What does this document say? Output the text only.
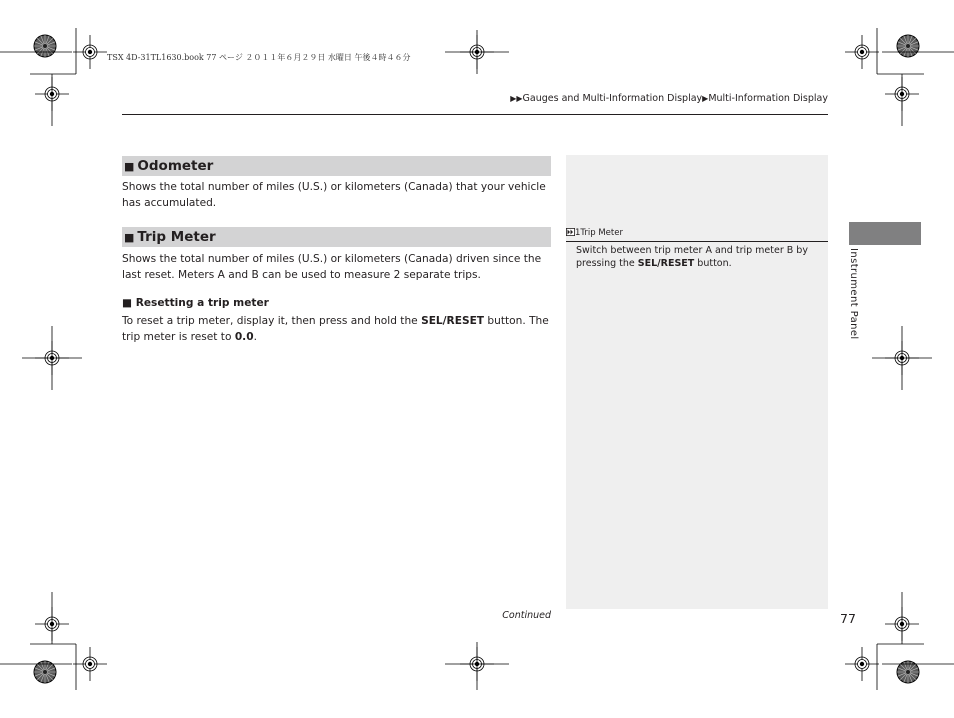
TSX 4D-31TL1630.book 77 ページ ２０１１年６月２９日 水曜日 午後４時４６分
▶▶Gauges and Multi-Information Display▶Multi-Information Display
■ Odometer
Shows the total number of miles (U.S.) or kilometers (Canada) that your vehicle has accumulated.
■ Trip Meter
Shows the total number of miles (U.S.) or kilometers (Canada) driven since the last reset. Meters A and B can be used to measure 2 separate trips.
■ Resetting a trip meter
To reset a trip meter, display it, then press and hold the SEL/RESET button. The trip meter is reset to 0.0.
1Trip Meter
Switch between trip meter A and trip meter B by pressing the SEL/RESET button.	Instrument Panel
Continued	77
